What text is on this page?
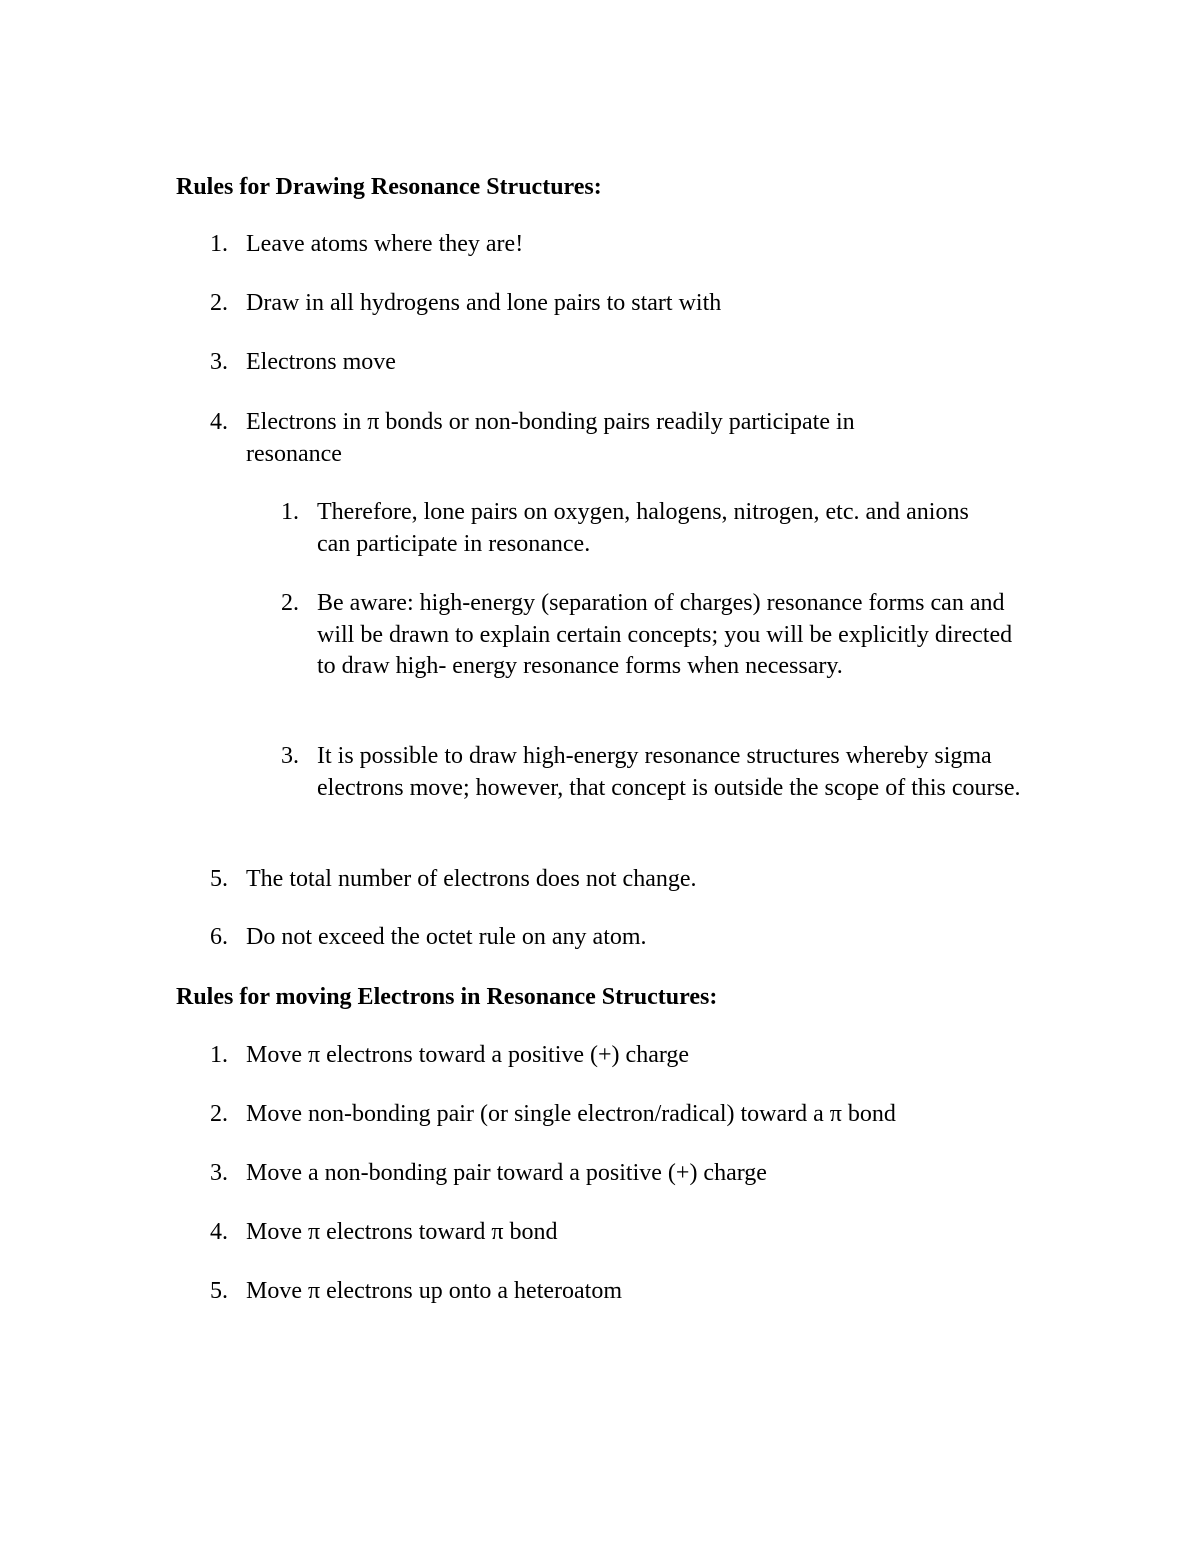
Rules for Drawing Resonance Structures:
1. Leave atoms where they are!
2. Draw in all hydrogens and lone pairs to start with
3. Electrons move
4. Electrons in π bonds or non-bonding pairs readily participate in resonance
1. Therefore, lone pairs on oxygen, halogens, nitrogen, etc. and anions can participate in resonance.
2. Be aware: high-energy (separation of charges) resonance forms can and will be drawn to explain certain concepts; you will be explicitly directed to draw high- energy resonance forms when necessary.
3. It is possible to draw high-energy resonance structures whereby sigma electrons move; however, that concept is outside the scope of this course.
5. The total number of electrons does not change.
6. Do not exceed the octet rule on any atom.
Rules for moving Electrons in Resonance Structures:
1. Move π electrons toward a positive (+) charge
2. Move non-bonding pair (or single electron/radical) toward a π bond
3. Move a non-bonding pair toward a positive (+) charge
4. Move π electrons toward π bond
5. Move π electrons up onto a heteroatom
